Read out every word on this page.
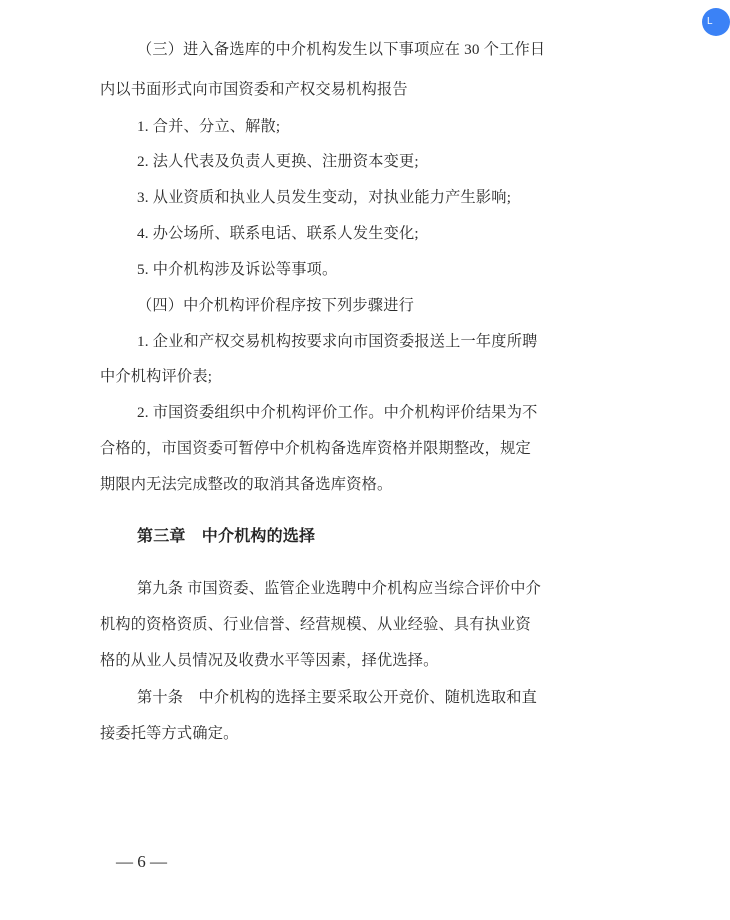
L
（三）进入备选库的中介机构发生以下事项应在 30 个工作日
内以书面形式向市国资委和产权交易机构报告
1. 合并、分立、解散;
2. 法人代表及负责人更换、注册资本变更;
3. 从业资质和执业人员发生变动，对执业能力产生影响;
4. 办公场所、联系电话、联系人发生变化;
5. 中介机构涉及诉讼等事项。
（四）中介机构评价程序按下列步骤进行
1. 企业和产权交易机构按要求向市国资委报送上一年度所聘
中介机构评价表;
2. 市国资委组织中介机构评价工作。中介机构评价结果为不
合格的，市国资委可暂停中介机构备选库资格并限期整改，规定
期限内无法完成整改的取消其备选库资格。
第三章　中介机构的选择
第九条 市国资委、监管企业选聘中介机构应当综合评价中介
机构的资格资质、行业信誉、经营规模、从业经验、具有执业资
格的从业人员情况及收费水平等因素，择优选择。
第十条　中介机构的选择主要采取公开竞价、随机选取和直
接委托等方式确定。
— 6 —
